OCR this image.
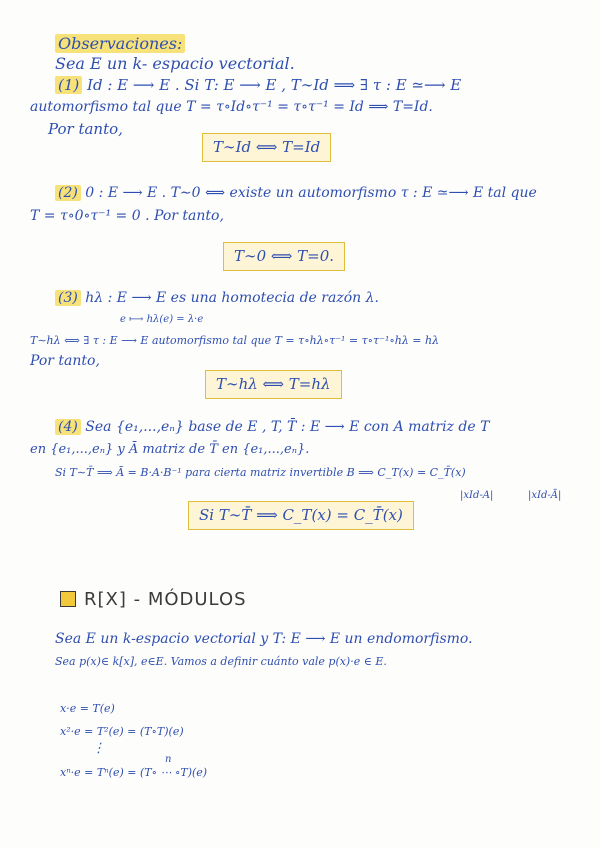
Observaciones:
Sea E un k- espacio vectorial.
(1) Id : E ⟶ E . Si T: E ⟶ E , T∼Id ⟹ ∃ τ : E ≃⟶ E
automorfismo tal que T = τ∘Id∘τ⁻¹ = τ∘τ⁻¹ = Id ⟹ T=Id.
Por tanto,
T∼Id ⟺ T=Id
(2) 0 : E ⟶ E . T∼0 ⟺ existe un automorfismo τ : E ≃⟶ E tal que
T = τ∘0∘τ⁻¹ = 0 . Por tanto,
T∼0 ⟺ T=0.
(3) hλ : E ⟶ E es una homotecia de razón λ.
e ⟼ hλ(e) = λ·e
T∼hλ ⟺ ∃ τ : E ⟶ E automorfismo tal que T = τ∘hλ∘τ⁻¹ = τ∘τ⁻¹∘hλ = hλ
Por tanto,
T∼hλ ⟺ T=hλ
(4) Sea {e₁,...,eₙ} base de E , T, T̄ : E ⟶ E con A matriz de T
en {e₁,...,eₙ} y Ā matriz de T̄ en {e₁,...,eₙ}.
Si T∼T̄ ⟹ Ā = B·A·B⁻¹ para cierta matriz invertible B ⟹ C_T(x) = C_T̄(x)
|xId-A|	|xId-Ā|
Si T∼T̄ ⟹ C_T(x) = C_T̄(x)
R[X] - MÓDULOS
Sea E un k-espacio vectorial y T: E ⟶ E un endomorfismo.
Sea p(x)∈ k[x], e∈E. Vamos a definir cuánto vale p(x)·e ∈ E.
x·e = T(e)
x²·e = T²(e) = (T∘T)(e)
⋮
n
xⁿ·e = Tⁿ(e) = (T∘ ⋯ ∘T)(e)
